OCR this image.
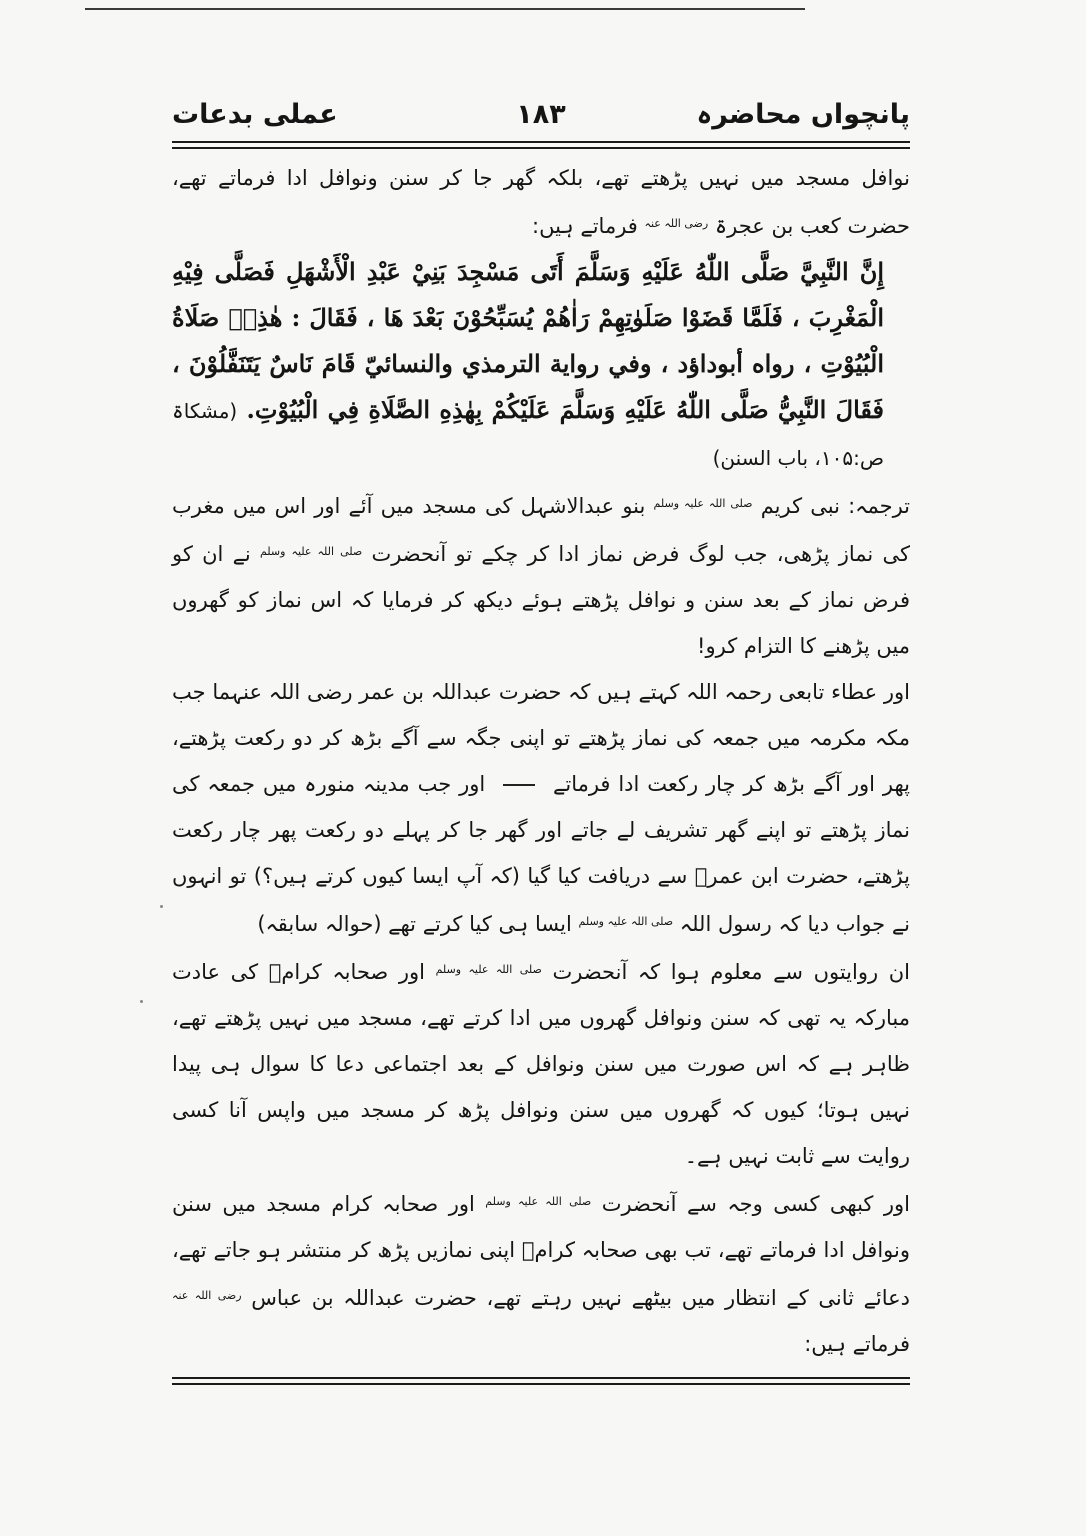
پانچواں محاضرہ
۱۸۳
عملی بدعات

نوافل مسجد میں نہیں پڑھتے تھے، بلکہ گھر جا کر سنن ونوافل ادا فرماتے تھے، حضرت کعب بن عجرۃ $^{رضی اللہ عنہ}$ فرماتے ہیں:

إِنَّ النَّبِيَّ صَلَّى اللّٰهُ عَلَيْهِ وَسَلَّمَ أَتَى مَسْجِدَ بَنِيْ عَبْدِ الْأَشْهَلِ فَصَلَّى فِيْهِ الْمَغْرِبَ ، فَلَمَّا قَضَوْا صَلَوٰتِهِمْ رَاٰهُمْ يُسَبِّحُوْنَ بَعْدَ هَا ، فَقَالَ : هٰذِهٖ صَلَاةُ الْبُيُوْتِ ، رواه أبوداؤد ، وفي رواية الترمذي والنسائيّ قَامَ نَاسٌ يَتَنَفَّلُوْنَ ، فَقَالَ النَّبِيُّ صَلَّى اللّٰهُ عَلَيْهِ وَسَلَّمَ عَلَيْكُمْ بِهٰذِهِ الصَّلَاةِ فِي الْبُيُوْتِ. (مشکاۃ ص:۱۰۵، باب السنن)

ترجمہ: نبی کریم $^{صلی اللہ علیہ وسلم}$ بنو عبدالاشہل کی مسجد میں آئے اور اس میں مغرب کی نماز پڑھی، جب لوگ فرض نماز ادا کر چکے تو آنحضرت $^{صلی اللہ علیہ وسلم}$ نے ان کو فرض نماز کے بعد سنن و نوافل پڑھتے ہوئے دیکھ کر فرمایا کہ اس نماز کو گھروں میں پڑھنے کا التزام کرو!

اور عطاء تابعی رحمہ اللہ کہتے ہیں کہ حضرت عبداللہ بن عمر رضی اللہ عنہما جب مکہ مکرمہ میں جمعہ کی نماز پڑھتے تو اپنی جگہ سے آگے بڑھ کر دو رکعت پڑھتے، پھر اور آگے بڑھ کر چار رکعت ادا فرماتے  اور جب مدینہ منورہ میں جمعہ کی نماز پڑھتے تو اپنے گھر تشریف لے جاتے اور گھر جا کر پہلے دو رکعت پھر چار رکعت پڑھتے، حضرت ابن عمرؓ سے دریافت کیا گیا (کہ آپ ایسا کیوں کرتے ہیں؟) تو انہوں نے جواب دیا کہ رسول اللہ $^{صلی اللہ علیہ وسلم}$ ایسا ہی کیا کرتے تھے (حوالہ سابقہ)

ان روایتوں سے معلوم ہوا کہ آنحضرت $^{صلی اللہ علیہ وسلم}$ اور صحابہ کرامؓ کی عادت مبارکہ یہ تھی کہ سنن ونوافل گھروں میں ادا کرتے تھے، مسجد میں نہیں پڑھتے تھے، ظاہر ہے کہ اس صورت میں سنن ونوافل کے بعد اجتماعی دعا کا سوال ہی پیدا نہیں ہوتا؛ کیوں کہ گھروں میں سنن ونوافل پڑھ کر مسجد میں واپس آنا کسی روایت سے ثابت نہیں ہے۔

اور کبھی کسی وجہ سے آنحضرت $^{صلی اللہ علیہ وسلم}$ اور صحابہ کرام مسجد میں سنن ونوافل ادا فرماتے تھے، تب بھی صحابہ کرامؓ اپنی نمازیں پڑھ کر منتشر ہو جاتے تھے، دعائے ثانی کے انتظار میں بیٹھے نہیں رہتے تھے، حضرت عبداللہ بن عباس $^{رضی اللہ عنہ}$ فرماتے ہیں:
